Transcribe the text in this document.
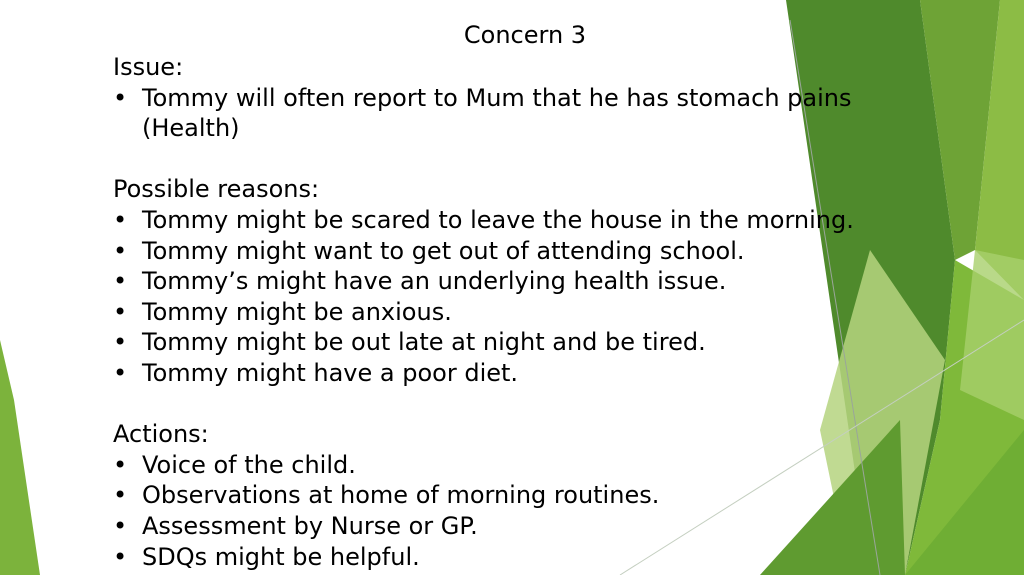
Concern 3
Issue:
• Tommy will often report to Mum that he has stomach pains (Health)
Possible reasons:
• Tommy might be scared to leave the house in the morning.
• Tommy might want to get out of attending school.
• Tommy’s might have an underlying health issue.
• Tommy might be anxious.
• Tommy might be out late at night and be tired.
• Tommy might have a poor diet.
Actions:
• Voice of the child.
• Observations at home of morning routines.
• Assessment by Nurse or GP.
• SDQs might be helpful.
